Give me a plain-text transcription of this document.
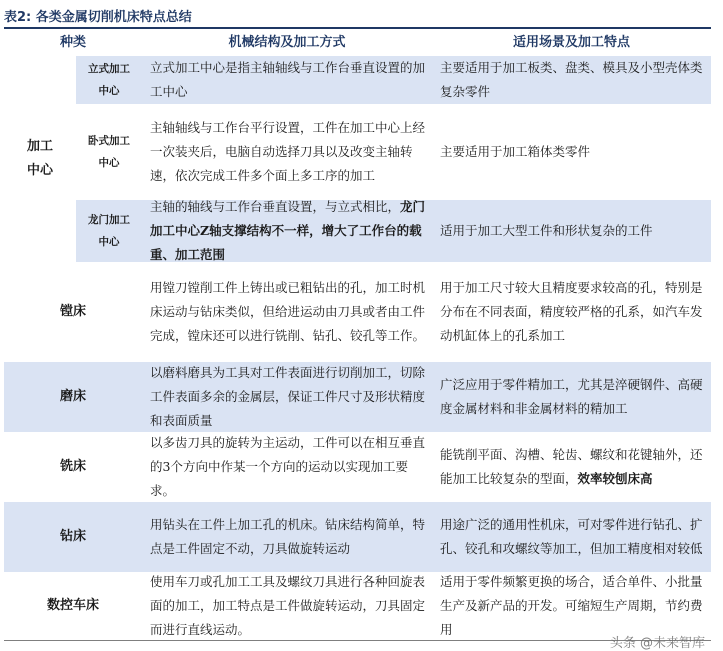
表2: 各类金属切削机床特点总结
种类	机械结构及加工方式	适用场景及加工特点
加工中心
立式加工中心
立式加工中心是指主轴轴线与工作台垂直设置的加工中心
主要适用于加工板类、盘类、模具及小型壳体类复杂零件
卧式加工中心
主轴轴线与工作台平行设置，工件在加工中心上经一次装夹后，电脑自动选择刀具以及改变主轴转速，依次完成工件多个面上多工序的加工
主要适用于加工箱体类零件
龙门加工中心
主轴的轴线与工作台垂直设置，与立式相比，龙门加工中心Z轴支撑结构不一样，增大了工作台的载重、加工范围
适用于加工大型工件和形状复杂的工件
镗床
用镗刀镗削工件上铸出或已粗钻出的孔，加工时机床运动与钻床类似，但给进运动由刀具或者由工件完成，镗床还可以进行铣削、钻孔、铰孔等工作。
用于加工尺寸较大且精度要求较高的孔，特别是分布在不同表面，精度较严格的孔系，如汽车发动机缸体上的孔系加工
磨床
以磨料磨具为工具对工件表面进行切削加工，切除工件表面多余的金属层，保证工件尺寸及形状精度和表面质量
广泛应用于零件精加工，尤其是淬硬钢件、高硬度金属材料和非金属材料的精加工
铣床
以多齿刀具的旋转为主运动，工件可以在相互垂直的3个方向中作某一个方向的运动以实现加工要求。
能铣削平面、沟槽、轮齿、螺纹和花键轴外，还能加工比较复杂的型面，效率较刨床高
钻床
用钻头在工件上加工孔的机床。钻床结构简单，特点是工件固定不动，刀具做旋转运动
用途广泛的通用性机床，可对零件进行钻孔、扩孔、铰孔和攻螺纹等加工，但加工精度相对较低
数控车床
使用车刀或孔加工工具及螺纹刀具进行各种回旋表面的加工，加工特点是工件做旋转运动，刀具固定而进行直线运动。
适用于零件频繁更换的场合，适合单件、小批量生产及新产品的开发。可缩短生产周期，节约费用
头条 @未来智库
